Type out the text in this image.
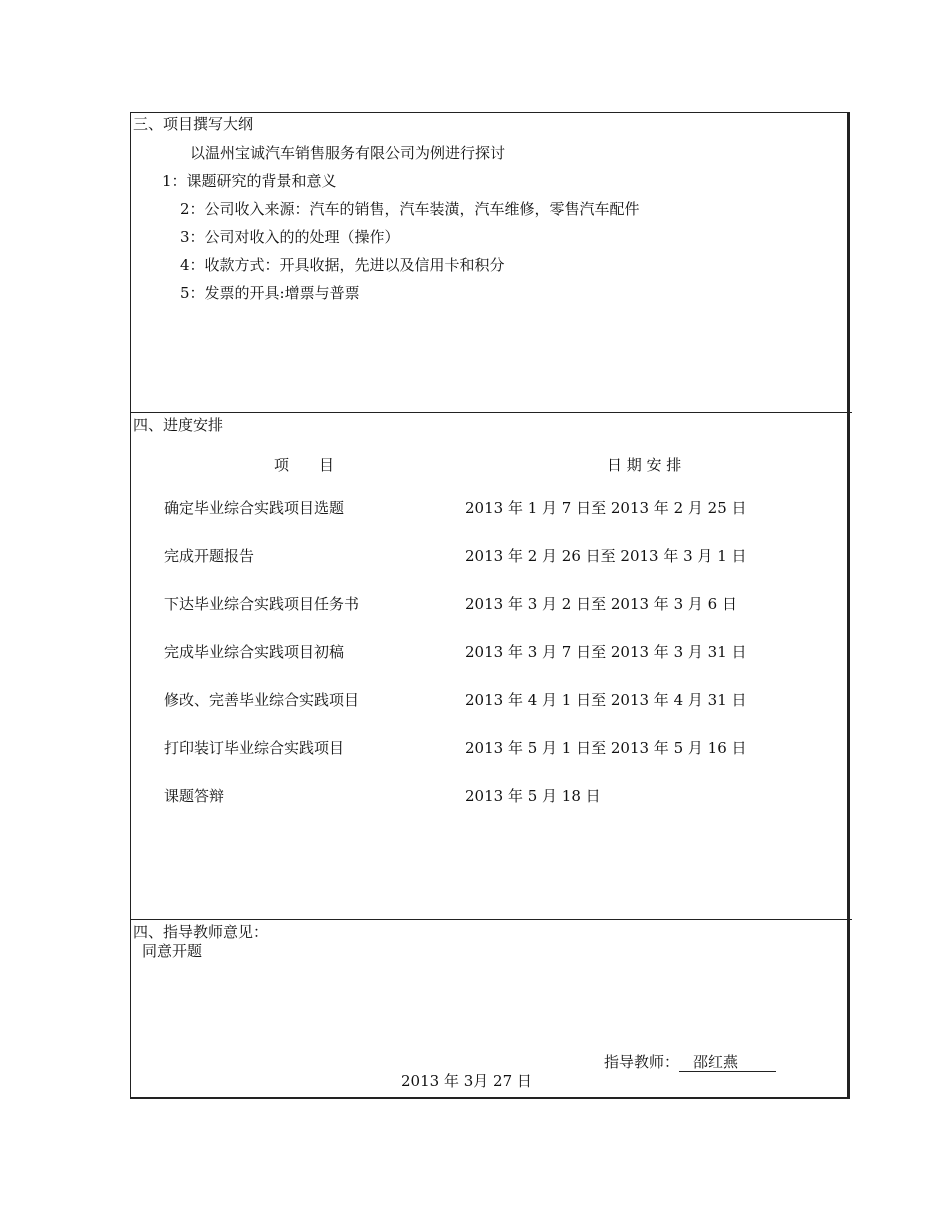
三、项目撰写大纲
以温州宝诚汽车销售服务有限公司为例进行探讨
1：课题研究的背景和意义
2：公司收入来源：汽车的销售，汽车装潢，汽车维修，零售汽车配件
3：公司对收入的的处理（操作）
4：收款方式：开具收据，先进以及信用卡和积分
5：发票的开具:增票与普票
四、进度安排
项　　目	日 期 安 排
确定毕业综合实践项目选题	2013 年 1 月 7 日至 2013 年 2 月 25 日
完成开题报告	2013 年 2 月 26 日至 2013 年 3 月 1 日
下达毕业综合实践项目任务书	2013 年 3 月 2 日至 2013 年 3 月 6 日
完成毕业综合实践项目初稿	2013 年 3 月 7 日至 2013 年 3 月 31 日
修改、完善毕业综合实践项目	2013 年 4 月 1 日至 2013 年 4 月 31 日
打印装订毕业综合实践项目	2013 年 5 月 1 日至 2013 年 5 月 16 日
课题答辩	2013 年 5 月 18 日
四、指导教师意见：
同意开题
指导教师： 邵红燕
2013 年 3月 27 日
